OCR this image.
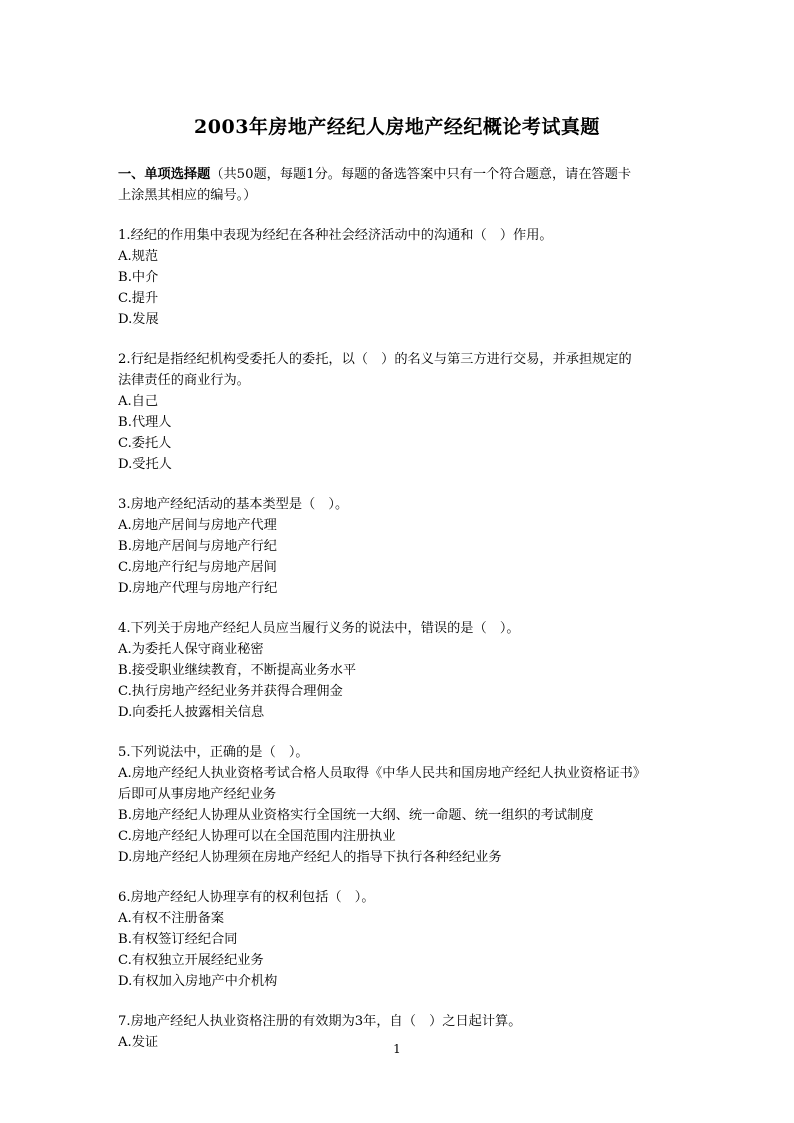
2003年房地产经纪人房地产经纪概论考试真题
一、单项选择题（共50题，每题1分。每题的备选答案中只有一个符合题意，请在答题卡
上涂黑其相应的编号。）
1.经纪的作用集中表现为经纪在各种社会经济活动中的沟通和（　）作用。
A.规范
B.中介
C.提升
D.发展
2.行纪是指经纪机构受委托人的委托，以（　）的名义与第三方进行交易，并承担规定的
法律责任的商业行为。
A.自己
B.代理人
C.委托人
D.受托人
3.房地产经纪活动的基本类型是（　）。
A.房地产居间与房地产代理
B.房地产居间与房地产行纪
C.房地产行纪与房地产居间
D.房地产代理与房地产行纪
4.下列关于房地产经纪人员应当履行义务的说法中，错误的是（　）。
A.为委托人保守商业秘密
B.接受职业继续教育，不断提高业务水平
C.执行房地产经纪业务并获得合理佣金
D.向委托人披露相关信息
5.下列说法中，正确的是（　）。
A.房地产经纪人执业资格考试合格人员取得《中华人民共和国房地产经纪人执业资格证书》
后即可从事房地产经纪业务
B.房地产经纪人协理从业资格实行全国统一大纲、统一命题、统一组织的考试制度
C.房地产经纪人协理可以在全国范围内注册执业
D.房地产经纪人协理须在房地产经纪人的指导下执行各种经纪业务
6.房地产经纪人协理享有的权利包括（　）。
A.有权不注册备案
B.有权签订经纪合同
C.有权独立开展经纪业务
D.有权加入房地产中介机构
7.房地产经纪人执业资格注册的有效期为3年，自（　）之日起计算。
A.发证	1
